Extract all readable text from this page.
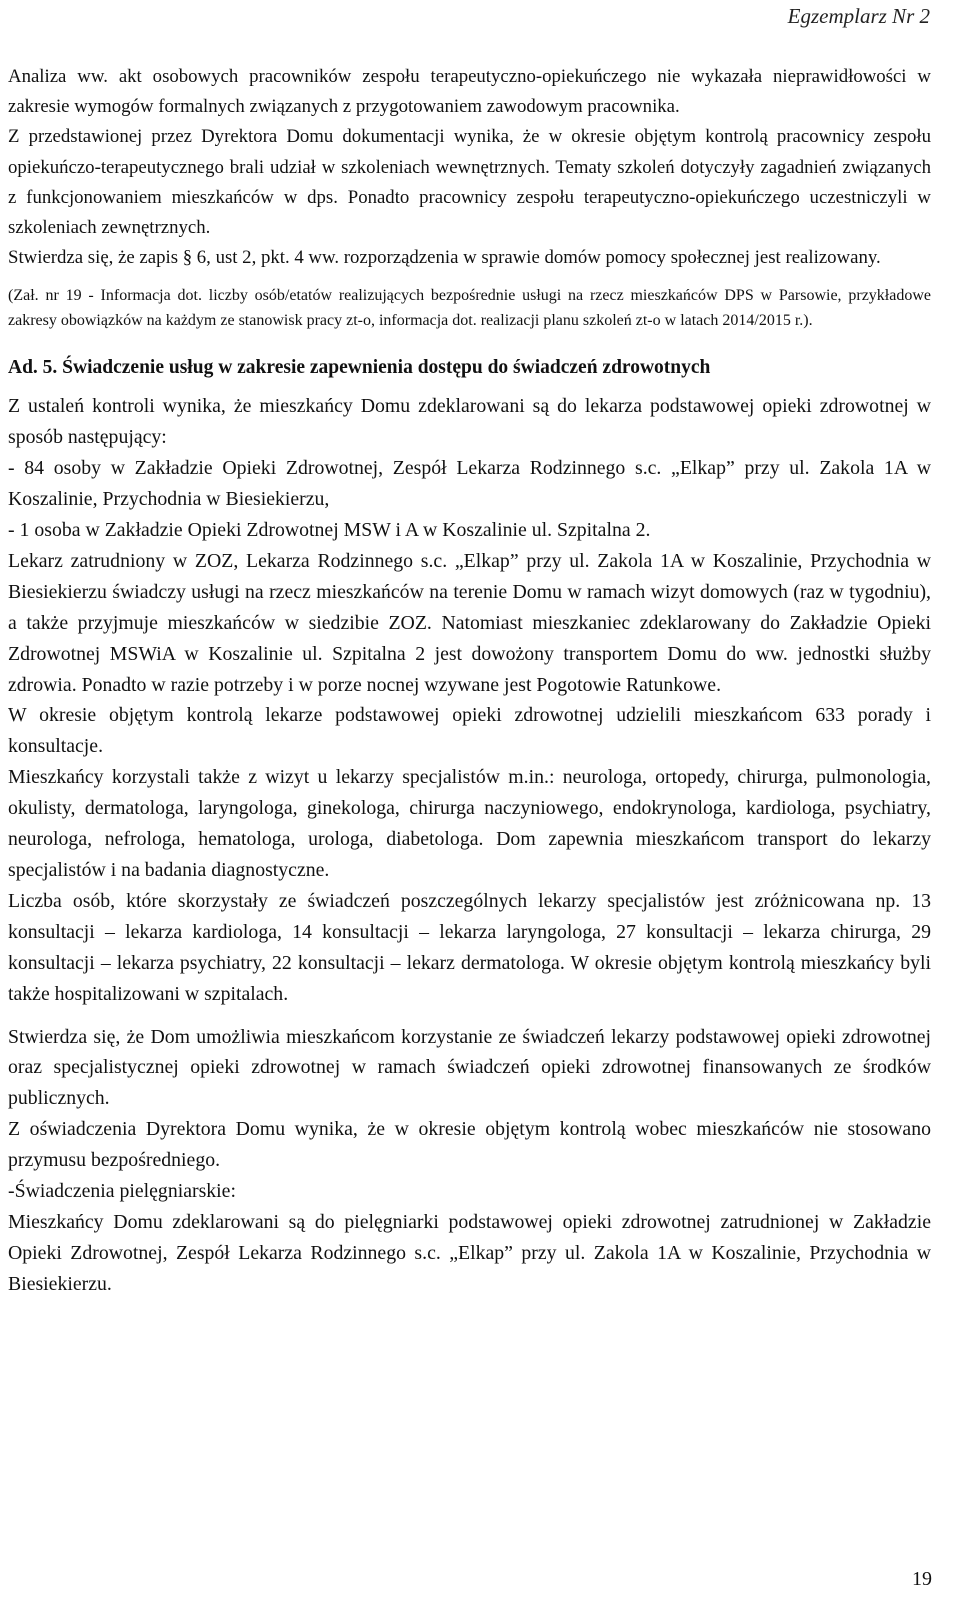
Egzemplarz Nr 2

Analiza ww. akt osobowych pracowników zespołu terapeutyczno-opiekuńczego nie wykazała nieprawidłowości w zakresie wymogów formalnych związanych z przygotowaniem zawodowym pracownika.

Z przedstawionej przez Dyrektora Domu dokumentacji wynika, że w okresie objętym kontrolą pracownicy zespołu opiekuńczo-terapeutycznego brali udział w szkoleniach wewnętrznych. Tematy szkoleń dotyczyły zagadnień związanych z funkcjonowaniem mieszkańców w dps. Ponadto pracownicy zespołu terapeutyczno-opiekuńczego uczestniczyli w szkoleniach zewnętrznych.

Stwierdza się, że zapis § 6, ust 2, pkt. 4 ww. rozporządzenia w sprawie domów pomocy społecznej jest realizowany.

(Zał. nr 19 - Informacja dot. liczby osób/etatów realizujących bezpośrednie usługi na rzecz mieszkańców DPS w Parsowie, przykładowe zakresy obowiązków na każdym ze stanowisk pracy zt-o, informacja dot. realizacji planu szkoleń zt-o w latach 2014/2015 r.).
Ad. 5. Świadczenie usług w zakresie zapewnienia dostępu do świadczeń zdrowotnych

Z ustaleń kontroli wynika, że mieszkańcy Domu zdeklarowani są do lekarza podstawowej opieki zdrowotnej w sposób następujący:

- 84 osoby w Zakładzie Opieki Zdrowotnej, Zespół Lekarza Rodzinnego s.c. „Elkap” przy ul. Zakola 1A w Koszalinie, Przychodnia w Biesiekierzu,

- 1 osoba w Zakładzie Opieki Zdrowotnej MSW i A w Koszalinie ul. Szpitalna 2.

Lekarz zatrudniony w ZOZ, Lekarza Rodzinnego s.c. „Elkap” przy ul. Zakola 1A w Koszalinie, Przychodnia w Biesiekierzu świadczy usługi na rzecz mieszkańców na terenie Domu w ramach wizyt domowych (raz w tygodniu), a także przyjmuje mieszkańców w siedzibie ZOZ. Natomiast mieszkaniec zdeklarowany do Zakładzie Opieki Zdrowotnej MSWiA w Koszalinie ul. Szpitalna 2 jest dowożony transportem Domu do ww. jednostki służby zdrowia. Ponadto w razie potrzeby i w porze nocnej wzywane jest Pogotowie Ratunkowe.

W okresie objętym kontrolą lekarze podstawowej opieki zdrowotnej udzielili mieszkańcom 633 porady i konsultacje.

Mieszkańcy korzystali także z wizyt u lekarzy specjalistów m.in.: neurologa, ortopedy, chirurga, pulmonologia, okulisty, dermatologa, laryngologa, ginekologa, chirurga naczyniowego, endokrynologa, kardiologa, psychiatry, neurologa, nefrologa, hematologa, urologa, diabetologa. Dom zapewnia mieszkańcom transport do lekarzy specjalistów i na badania diagnostyczne.

Liczba osób, które skorzystały ze świadczeń poszczególnych lekarzy specjalistów jest zróżnicowana np. 13 konsultacji – lekarza kardiologa, 14 konsultacji – lekarza laryngologa, 27 konsultacji – lekarza chirurga, 29 konsultacji – lekarza psychiatry, 22 konsultacji – lekarz dermatologa. W okresie objętym kontrolą mieszkańcy byli także hospitalizowani w szpitalach.

Stwierdza się, że Dom umożliwia mieszkańcom korzystanie ze świadczeń lekarzy podstawowej opieki zdrowotnej oraz specjalistycznej opieki zdrowotnej w ramach świadczeń opieki zdrowotnej finansowanych ze środków publicznych.

Z oświadczenia Dyrektora Domu wynika, że w okresie objętym kontrolą wobec mieszkańców nie stosowano przymusu bezpośredniego.

-Świadczenia pielęgniarskie:

Mieszkańcy Domu zdeklarowani są do pielęgniarki podstawowej opieki zdrowotnej zatrudnionej w Zakładzie Opieki Zdrowotnej, Zespół Lekarza Rodzinnego s.c. „Elkap” przy ul. Zakola 1A w Koszalinie, Przychodnia w Biesiekierzu.

19
